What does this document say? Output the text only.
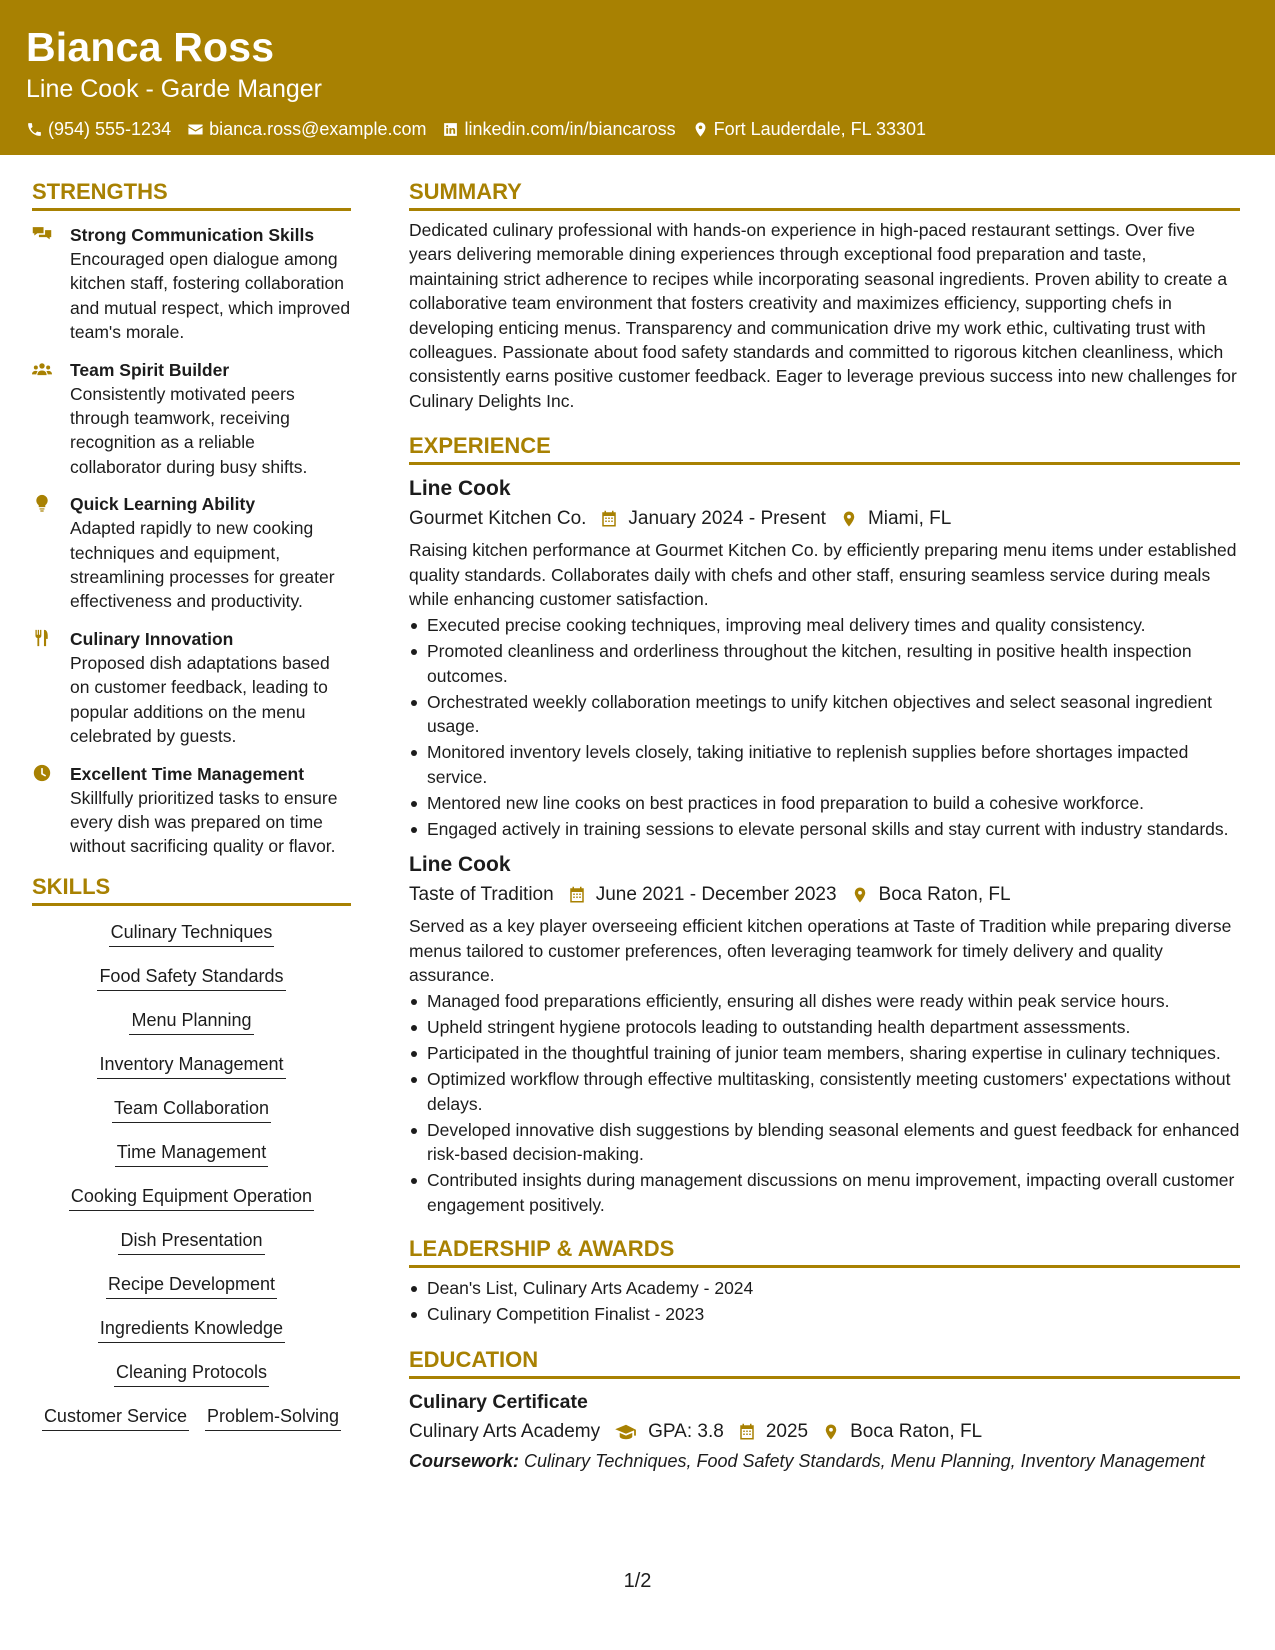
Bianca Ross
Line Cook - Garde Manger
(954) 555-1234 bianca.ross@example.com linkedin.com/in/biancaross Fort Lauderdale, FL 33301
STRENGTHS
Strong Communication Skills
Encouraged open dialogue among kitchen staff, fostering collaboration and mutual respect, which improved team's morale.
Team Spirit Builder
Consistently motivated peers through teamwork, receiving recognition as a reliable collaborator during busy shifts.
Quick Learning Ability
Adapted rapidly to new cooking techniques and equipment, streamlining processes for greater effectiveness and productivity.
Culinary Innovation
Proposed dish adaptations based on customer feedback, leading to popular additions on the menu celebrated by guests.
Excellent Time Management
Skillfully prioritized tasks to ensure every dish was prepared on time without sacrificing quality or flavor.
SKILLS
Culinary Techniques
Food Safety Standards
Menu Planning
Inventory Management
Team Collaboration
Time Management
Cooking Equipment Operation
Dish Presentation
Recipe Development
Ingredients Knowledge
Cleaning Protocols
Customer Service Problem-Solving
SUMMARY
Dedicated culinary professional with hands-on experience in high-paced restaurant settings. Over five years delivering memorable dining experiences through exceptional food preparation and taste, maintaining strict adherence to recipes while incorporating seasonal ingredients. Proven ability to create a collaborative team environment that fosters creativity and maximizes efficiency, supporting chefs in developing enticing menus. Transparency and communication drive my work ethic, cultivating trust with colleagues. Passionate about food safety standards and committed to rigorous kitchen cleanliness, which consistently earns positive customer feedback. Eager to leverage previous success into new challenges for Culinary Delights Inc.
EXPERIENCE
Line Cook
Gourmet Kitchen Co. January 2024 - Present Miami, FL
Raising kitchen performance at Gourmet Kitchen Co. by efficiently preparing menu items under established quality standards. Collaborates daily with chefs and other staff, ensuring seamless service during meals while enhancing customer satisfaction.
Executed precise cooking techniques, improving meal delivery times and quality consistency.
Promoted cleanliness and orderliness throughout the kitchen, resulting in positive health inspection outcomes.
Orchestrated weekly collaboration meetings to unify kitchen objectives and select seasonal ingredient usage.
Monitored inventory levels closely, taking initiative to replenish supplies before shortages impacted service.
Mentored new line cooks on best practices in food preparation to build a cohesive workforce.
Engaged actively in training sessions to elevate personal skills and stay current with industry standards.
Line Cook
Taste of Tradition June 2021 - December 2023 Boca Raton, FL
Served as a key player overseeing efficient kitchen operations at Taste of Tradition while preparing diverse menus tailored to customer preferences, often leveraging teamwork for timely delivery and quality assurance.
Managed food preparations efficiently, ensuring all dishes were ready within peak service hours.
Upheld stringent hygiene protocols leading to outstanding health department assessments.
Participated in the thoughtful training of junior team members, sharing expertise in culinary techniques.
Optimized workflow through effective multitasking, consistently meeting customers' expectations without delays.
Developed innovative dish suggestions by blending seasonal elements and guest feedback for enhanced risk-based decision-making.
Contributed insights during management discussions on menu improvement, impacting overall customer engagement positively.
LEADERSHIP & AWARDS
Dean's List, Culinary Arts Academy - 2024
Culinary Competition Finalist - 2023
EDUCATION
Culinary Certificate
Culinary Arts Academy	GPA: 3.8 2025 Boca Raton, FL
Coursework: Culinary Techniques, Food Safety Standards, Menu Planning, Inventory Management
1/2
